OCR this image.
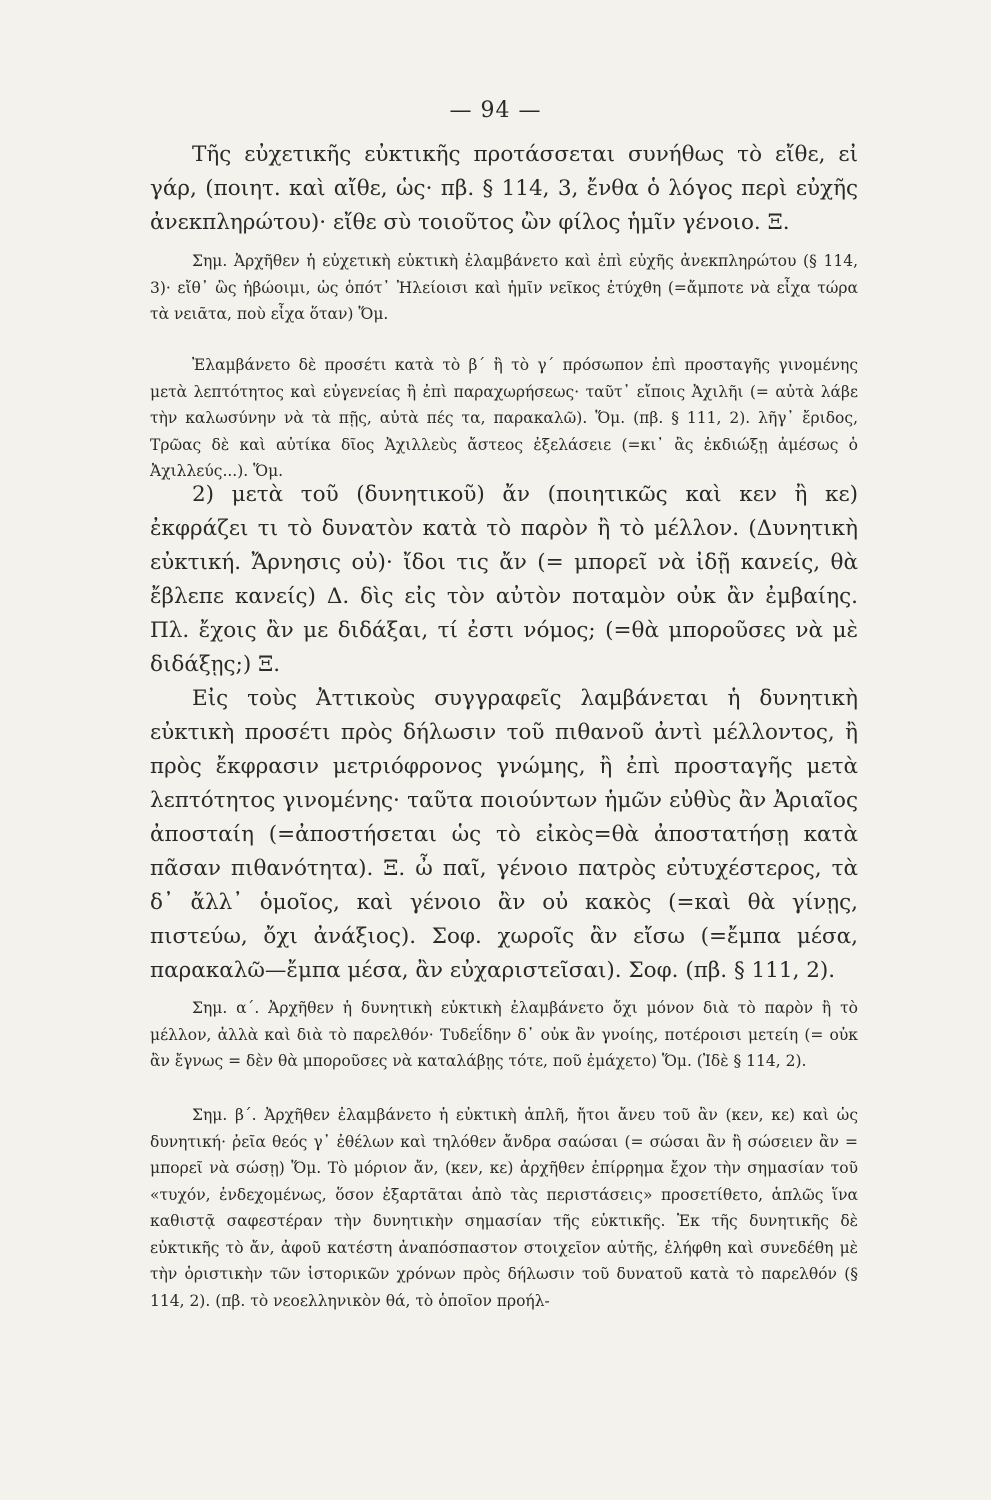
— 94 —

Τῆς εὐχετικῆς εὐκτικῆς προτάσσεται συνήθως τὸ εἴθε, εἰ γάρ, (ποιητ. καὶ αἴθε, ὡς· πβ. § 114, 3, ἔνθα ὁ λόγος περὶ εὐχῆς ἀνεκπληρώτου)· εἴθε σὺ τοιοῦτος ὢν φίλος ἡμῖν γένοιο. Ξ.

Σημ. Ἀρχῆθεν ἡ εὐχετικὴ εὐκτικὴ ἐλαμβάνετο καὶ ἐπὶ εὐχῆς ἀνεκπληρώτου (§ 114, 3)· εἴθ᾽ ὣς ἡβώοιμι, ὡς ὁπότ᾽ Ἠλείοισι καὶ ἡμῖν νεῖκος ἐτύχθη (=ἄμποτε νὰ εἶχα τώρα τὰ νειᾶτα, ποὺ εἶχα ὅταν) Ὅμ.

Ἐλαμβάνετο δὲ προσέτι κατὰ τὸ β´ ἢ τὸ γ´ πρόσωπον ἐπὶ προσταγῆς γινομένης μετὰ λεπτότητος καὶ εὐγενείας ἢ ἐπὶ παραχωρήσεως· ταῦτ᾽ εἴποις Ἀχιλῆι (= αὐτὰ λάβε τὴν καλωσύνην νὰ τὰ πῇς, αὐτὰ πές τα, παρακαλῶ). Ὅμ. (πβ. § 111, 2). λῆγ᾽ ἔριδος, Τρῶας δὲ καὶ αὐτίκα δῖος Ἀχιλλεὺς ἄστεος ἐξελάσειε (=κι᾽ ἂς ἐκδιώξῃ ἀμέσως ὁ Ἀχιλλεύς...). Ὅμ.

2) μετὰ τοῦ (δυνητικοῦ) ἄν (ποιητικῶς καὶ κεν ἢ κε) ἐκφράζει τι τὸ δυνατὸν κατὰ τὸ παρὸν ἢ τὸ μέλλον. (Δυνητικὴ εὐκτική. Ἄρνησις οὐ)· ἴδοι τις ἄν (= μπορεῖ νὰ ἰδῇ κανείς, θὰ ἔβλεπε κανείς) Δ. δὶς εἰς τὸν αὐτὸν ποταμὸν οὐκ ἂν ἐμβαίης. Πλ. ἔχοις ἂν με διδάξαι, τί ἐστι νόμος; (=θὰ μποροῦσες νὰ μὲ διδάξῃς;) Ξ.

Εἰς τοὺς Ἀττικοὺς συγγραφεῖς λαμβάνεται ἡ δυνητικὴ εὐκτικὴ προσέτι πρὸς δήλωσιν τοῦ πιθανοῦ ἀντὶ μέλλοντος, ἢ πρὸς ἔκφρασιν μετριόφρονος γνώμης, ἢ ἐπὶ προσταγῆς μετὰ λεπτότητος γινομένης· ταῦτα ποιούντων ἡμῶν εὐθὺς ἂν Ἀριαῖος ἀποσταίη (=ἀποστήσεται ὡς τὸ εἰκὸς=θὰ ἀποστατήσῃ κατὰ πᾶσαν πιθανότητα). Ξ. ὦ παῖ, γένοιο πατρὸς εὐτυχέστερος, τὰ δ᾽ ἄλλ᾽ ὁμοῖος, καὶ γένοιο ἂν οὐ κακὸς (=καὶ θὰ γίνῃς, πιστεύω, ὄχι ἀνάξιος). Σοφ. χωροῖς ἂν εἴσω (=ἔμπα μέσα, παρακαλῶ—ἔμπα μέσα, ἂν εὐχαριστεῖσαι). Σοφ. (πβ. § 111, 2).

Σημ. α´. Ἀρχῆθεν ἡ δυνητικὴ εὐκτικὴ ἐλαμβάνετο ὄχι μόνον διὰ τὸ παρὸν ἢ τὸ μέλλον, ἀλλὰ καὶ διὰ τὸ παρελθόν· Τυδεΐδην δ᾽ οὐκ ἂν γνοίης, ποτέροισι μετείη (= οὐκ ἂν ἔγνως = δὲν θὰ μποροῦσες νὰ καταλάβῃς τότε, ποῦ ἐμάχετο) Ὅμ. (Ἰδὲ § 114, 2).

Σημ. β´. Ἀρχῆθεν ἐλαμβάνετο ἡ εὐκτικὴ ἁπλῆ, ἤτοι ἄνευ τοῦ ἂν (κεν, κε) καὶ ὡς δυνητική· ῥεῖα θεός γ᾽ ἐθέλων καὶ τηλόθεν ἄνδρα σαώσαι (= σώσαι ἂν ἢ σώσειεν ἂν = μπορεῖ νὰ σώσῃ) Ὅμ. Τὸ μόριον ἄν, (κεν, κε) ἀρχῆθεν ἐπίρρημα ἔχον τὴν σημασίαν τοῦ «τυχόν, ἐνδεχομένως, ὅσον ἐξαρτᾶται ἀπὸ τὰς περιστάσεις» προσετίθετο, ἁπλῶς ἵνα καθιστᾷ σαφεστέραν τὴν δυνητικὴν σημασίαν τῆς εὐκτικῆς. Ἐκ τῆς δυνητικῆς δὲ εὐκτικῆς τὸ ἄν, ἀφοῦ κατέστη ἀναπόσπαστον στοιχεῖον αὐτῆς, ἐλήφθη καὶ συνεδέθη μὲ τὴν ὁριστικὴν τῶν ἱστορικῶν χρόνων πρὸς δήλωσιν τοῦ δυνατοῦ κατὰ τὸ παρελθόν (§ 114, 2). (πβ. τὸ νεοελληνικὸν θά, τὸ ὁποῖον προήλ-
